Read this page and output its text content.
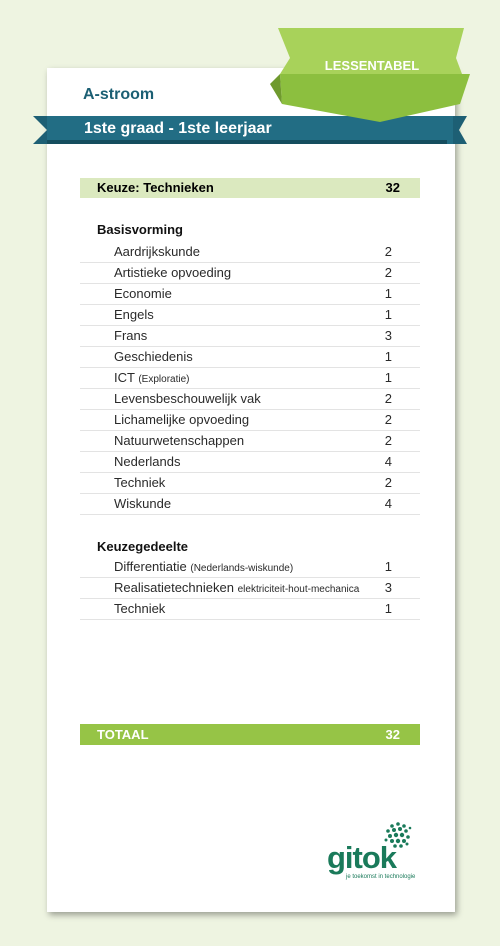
LESSENTABEL
A-stroom
1ste graad - 1ste leerjaar
Keuze: Technieken	32
Basisvorming
Aardrijkskunde	2
Artistieke opvoeding	2
Economie	1
Engels	1
Frans	3
Geschiedenis	1
ICT (Exploratie)	1
Levensbeschouwelijk vak	2
Lichamelijke opvoeding	2
Natuurwetenschappen	2
Nederlands	4
Techniek	2
Wiskunde	4
Keuzegedeelte
Differentiatie (Nederlands-wiskunde)	1
Realisatietechnieken elektriciteit-hout-mechanica 3
Techniek	1
TOTAAL	32
gitok
je toekomst in technologie
